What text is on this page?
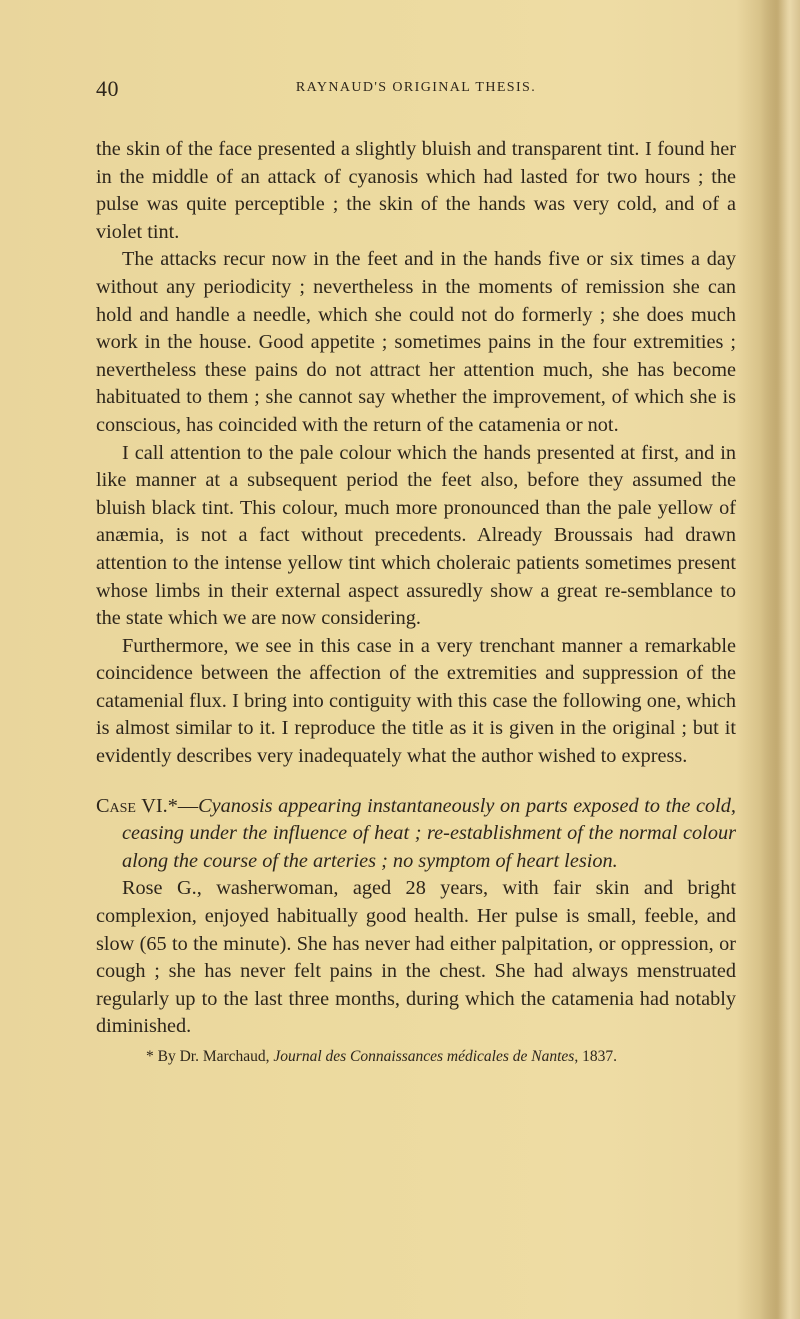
40	RAYNAUD'S ORIGINAL THESIS.

the skin of the face presented a slightly bluish and transparent tint. I found her in the middle of an attack of cyanosis which had lasted for two hours ; the pulse was quite perceptible ; the skin of the hands was very cold, and of a violet tint.

The attacks recur now in the feet and in the hands five or six times a day without any periodicity ; nevertheless in the moments of remission she can hold and handle a needle, which she could not do formerly ; she does much work in the house. Good appetite ; sometimes pains in the four extremities ; nevertheless these pains do not attract her attention much, she has become habituated to them ; she cannot say whether the improvement, of which she is conscious, has coincided with the return of the catamenia or not.

I call attention to the pale colour which the hands presented at first, and in like manner at a subsequent period the feet also, before they assumed the bluish black tint. This colour, much more pronounced than the pale yellow of anæmia, is not a fact without precedents. Already Broussais had drawn attention to the intense yellow tint which choleraic patients sometimes present whose limbs in their external aspect assuredly show a great re-semblance to the state which we are now considering.

Furthermore, we see in this case in a very trenchant manner a remarkable coincidence between the affection of the extremities and suppression of the catamenial flux. I bring into contiguity with this case the following one, which is almost similar to it. I reproduce the title as it is given in the original ; but it evidently describes very inadequately what the author wished to express.

Case VI.*—Cyanosis appearing instantaneously on parts exposed to the cold, ceasing under the influence of heat ; re-establishment of the normal colour along the course of the arteries ; no symptom of heart lesion.

Rose G., washerwoman, aged 28 years, with fair skin and bright complexion, enjoyed habitually good health. Her pulse is small, feeble, and slow (65 to the minute). She has never had either palpitation, or oppression, or cough ; she has never felt pains in the chest. She had always menstruated regularly up to the last three months, during which the catamenia had notably diminished.

* By Dr. Marchaud, Journal des Connaissances médicales de Nantes, 1837.
